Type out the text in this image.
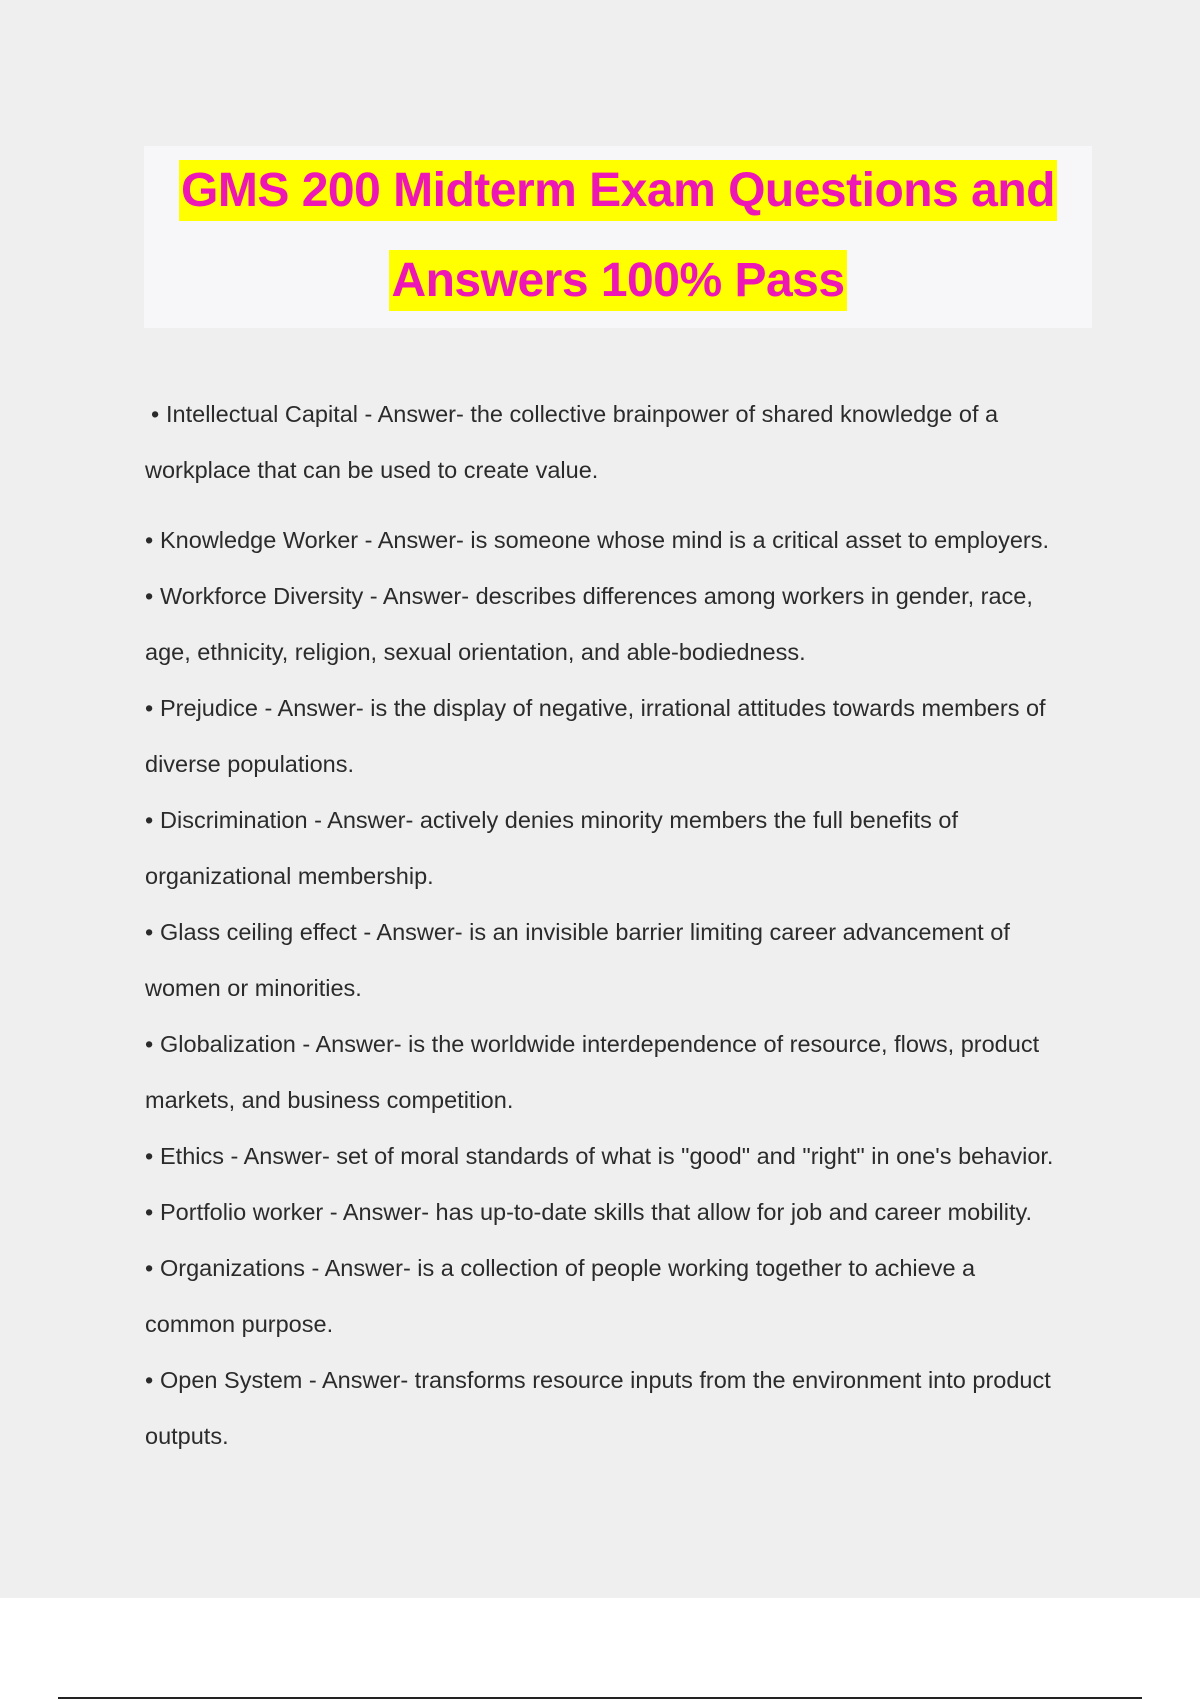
GMS 200 Midterm Exam Questions and
Answers 100% Pass
• Intellectual Capital - Answer- the collective brainpower of shared knowledge of a
workplace that can be used to create value.
• Knowledge Worker - Answer- is someone whose mind is a critical asset to employers.
• Workforce Diversity - Answer- describes differences among workers in gender, race,
age, ethnicity, religion, sexual orientation, and able-bodiedness.
• Prejudice - Answer- is the display of negative, irrational attitudes towards members of
diverse populations.
• Discrimination - Answer- actively denies minority members the full benefits of
organizational membership.
• Glass ceiling effect - Answer- is an invisible barrier limiting career advancement of
women or minorities.
• Globalization - Answer- is the worldwide interdependence of resource, flows, product
markets, and business competition.
• Ethics - Answer- set of moral standards of what is "good" and "right" in one's behavior.
• Portfolio worker - Answer- has up-to-date skills that allow for job and career mobility.
• Organizations - Answer- is a collection of people working together to achieve a
common purpose.
• Open System - Answer- transforms resource inputs from the environment into product
outputs.
